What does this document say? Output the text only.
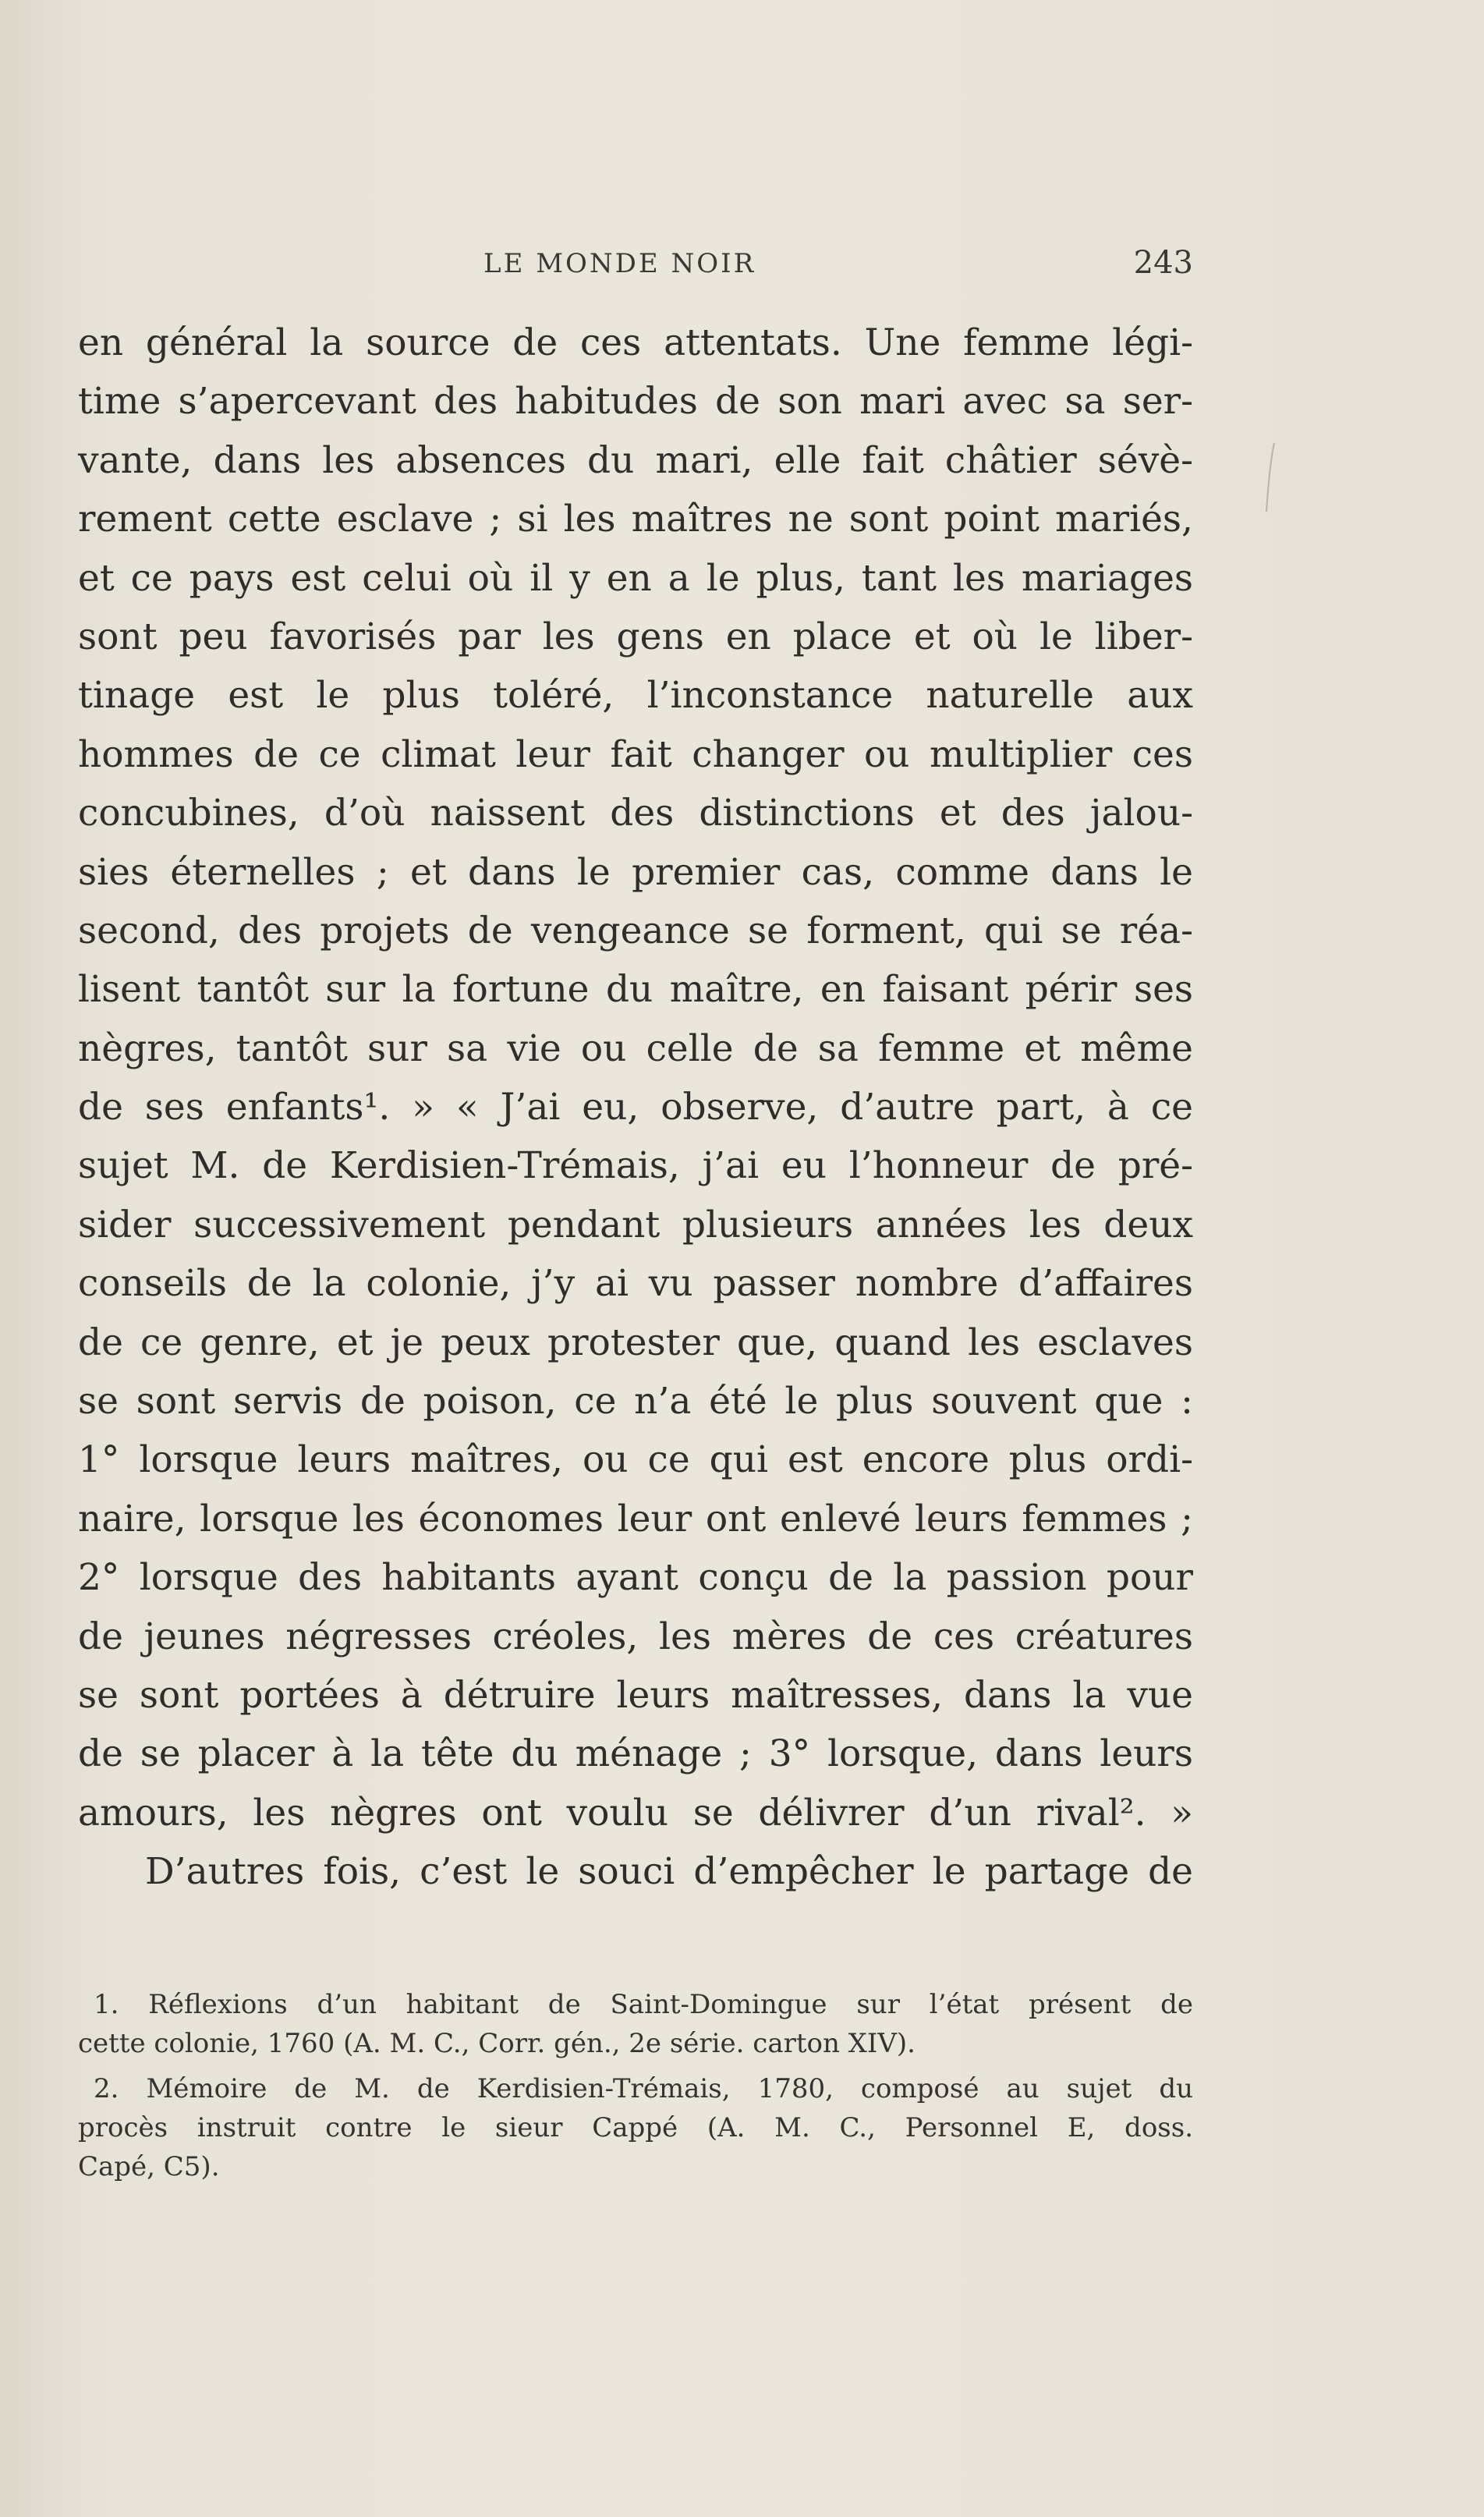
LE MONDE NOIR	243
en général la source de ces attentats. Une femme légi-
time s’apercevant des habitudes de son mari avec sa ser-
vante, dans les absences du mari, elle fait châtier sévè-
rement cette esclave ; si les maîtres ne sont point mariés,
et ce pays est celui où il y en a le plus, tant les mariages
sont peu favorisés par les gens en place et où le liber-
tinage est le plus toléré, l’inconstance naturelle aux
hommes de ce climat leur fait changer ou multiplier ces
concubines, d’où naissent des distinctions et des jalou-
sies éternelles ; et dans le premier cas, comme dans le
second, des projets de vengeance se forment, qui se réa-
lisent tantôt sur la fortune du maître, en faisant périr ses
nègres, tantôt sur sa vie ou celle de sa femme et même
de ses enfants¹. » « J’ai eu, observe, d’autre part, à ce
sujet M. de Kerdisien-Trémais, j’ai eu l’honneur de pré-
sider successivement pendant plusieurs années les deux
conseils de la colonie, j’y ai vu passer nombre d’affaires
de ce genre, et je peux protester que, quand les esclaves
se sont servis de poison, ce n’a été le plus souvent que :
1° lorsque leurs maîtres, ou ce qui est encore plus ordi-
naire, lorsque les économes leur ont enlevé leurs femmes ;
2° lorsque des habitants ayant conçu de la passion pour
de jeunes négresses créoles, les mères de ces créatures
se sont portées à détruire leurs maîtresses, dans la vue
de se placer à la tête du ménage ; 3° lorsque, dans leurs
amours, les nègres ont voulu se délivrer d’un rival². »
D’autres fois, c’est le souci d’empêcher le partage de
1. Réflexions d’un habitant de Saint-Domingue sur l’état présent de
cette colonie, 1760 (A. M. C., Corr. gén., 2e série. carton XIV).
2. Mémoire de M. de Kerdisien-Trémais, 1780, composé au sujet du
procès instruit contre le sieur Cappé (A. M. C., Personnel E, doss.
Capé, C5).
